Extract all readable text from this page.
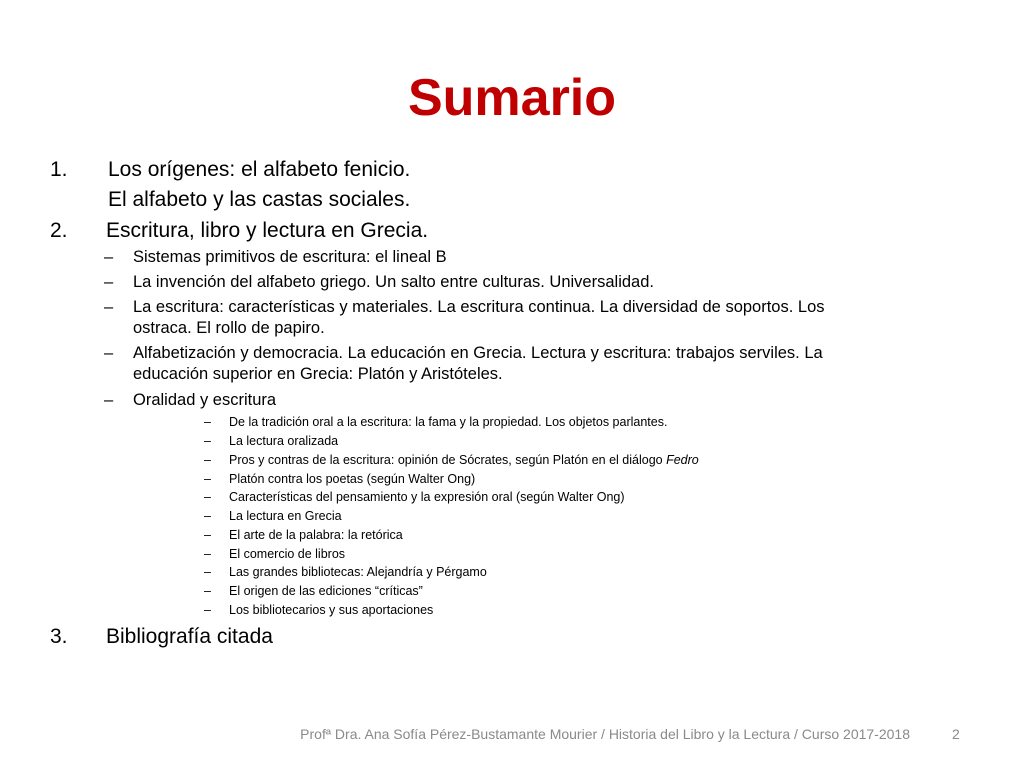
Sumario
1. Los orígenes: el alfabeto fenicio.
El alfabeto y las castas sociales.
2. Escritura, libro y lectura en Grecia.
– Sistemas primitivos de escritura: el lineal B
– La invención del alfabeto griego. Un salto entre culturas. Universalidad.
– La escritura: características y materiales. La escritura continua. La diversidad de soportos. Los
ostraca. El rollo de papiro.
– Alfabetización y democracia. La educación en Grecia. Lectura y escritura: trabajos serviles. La
educación superior en Grecia: Platón y Aristóteles.
– Oralidad y escritura
– De la tradición oral a la escritura: la fama y la propiedad. Los objetos parlantes.
– La lectura oralizada
– Pros y contras de la escritura: opinión de Sócrates, según Platón en el diálogo Fedro
– Platón contra los poetas (según Walter Ong)
– Características del pensamiento y la expresión oral (según Walter Ong)
– La lectura en Grecia
– El arte de la palabra: la retórica
– El comercio de libros
– Las grandes bibliotecas: Alejandría y Pérgamo
– El origen de las ediciones “críticas”
– Los bibliotecarios y sus aportaciones
3. Bibliografía citada
Profª Dra. Ana Sofía Pérez-Bustamante Mourier / Historia del Libro y la Lectura / Curso 2017-2018	2
